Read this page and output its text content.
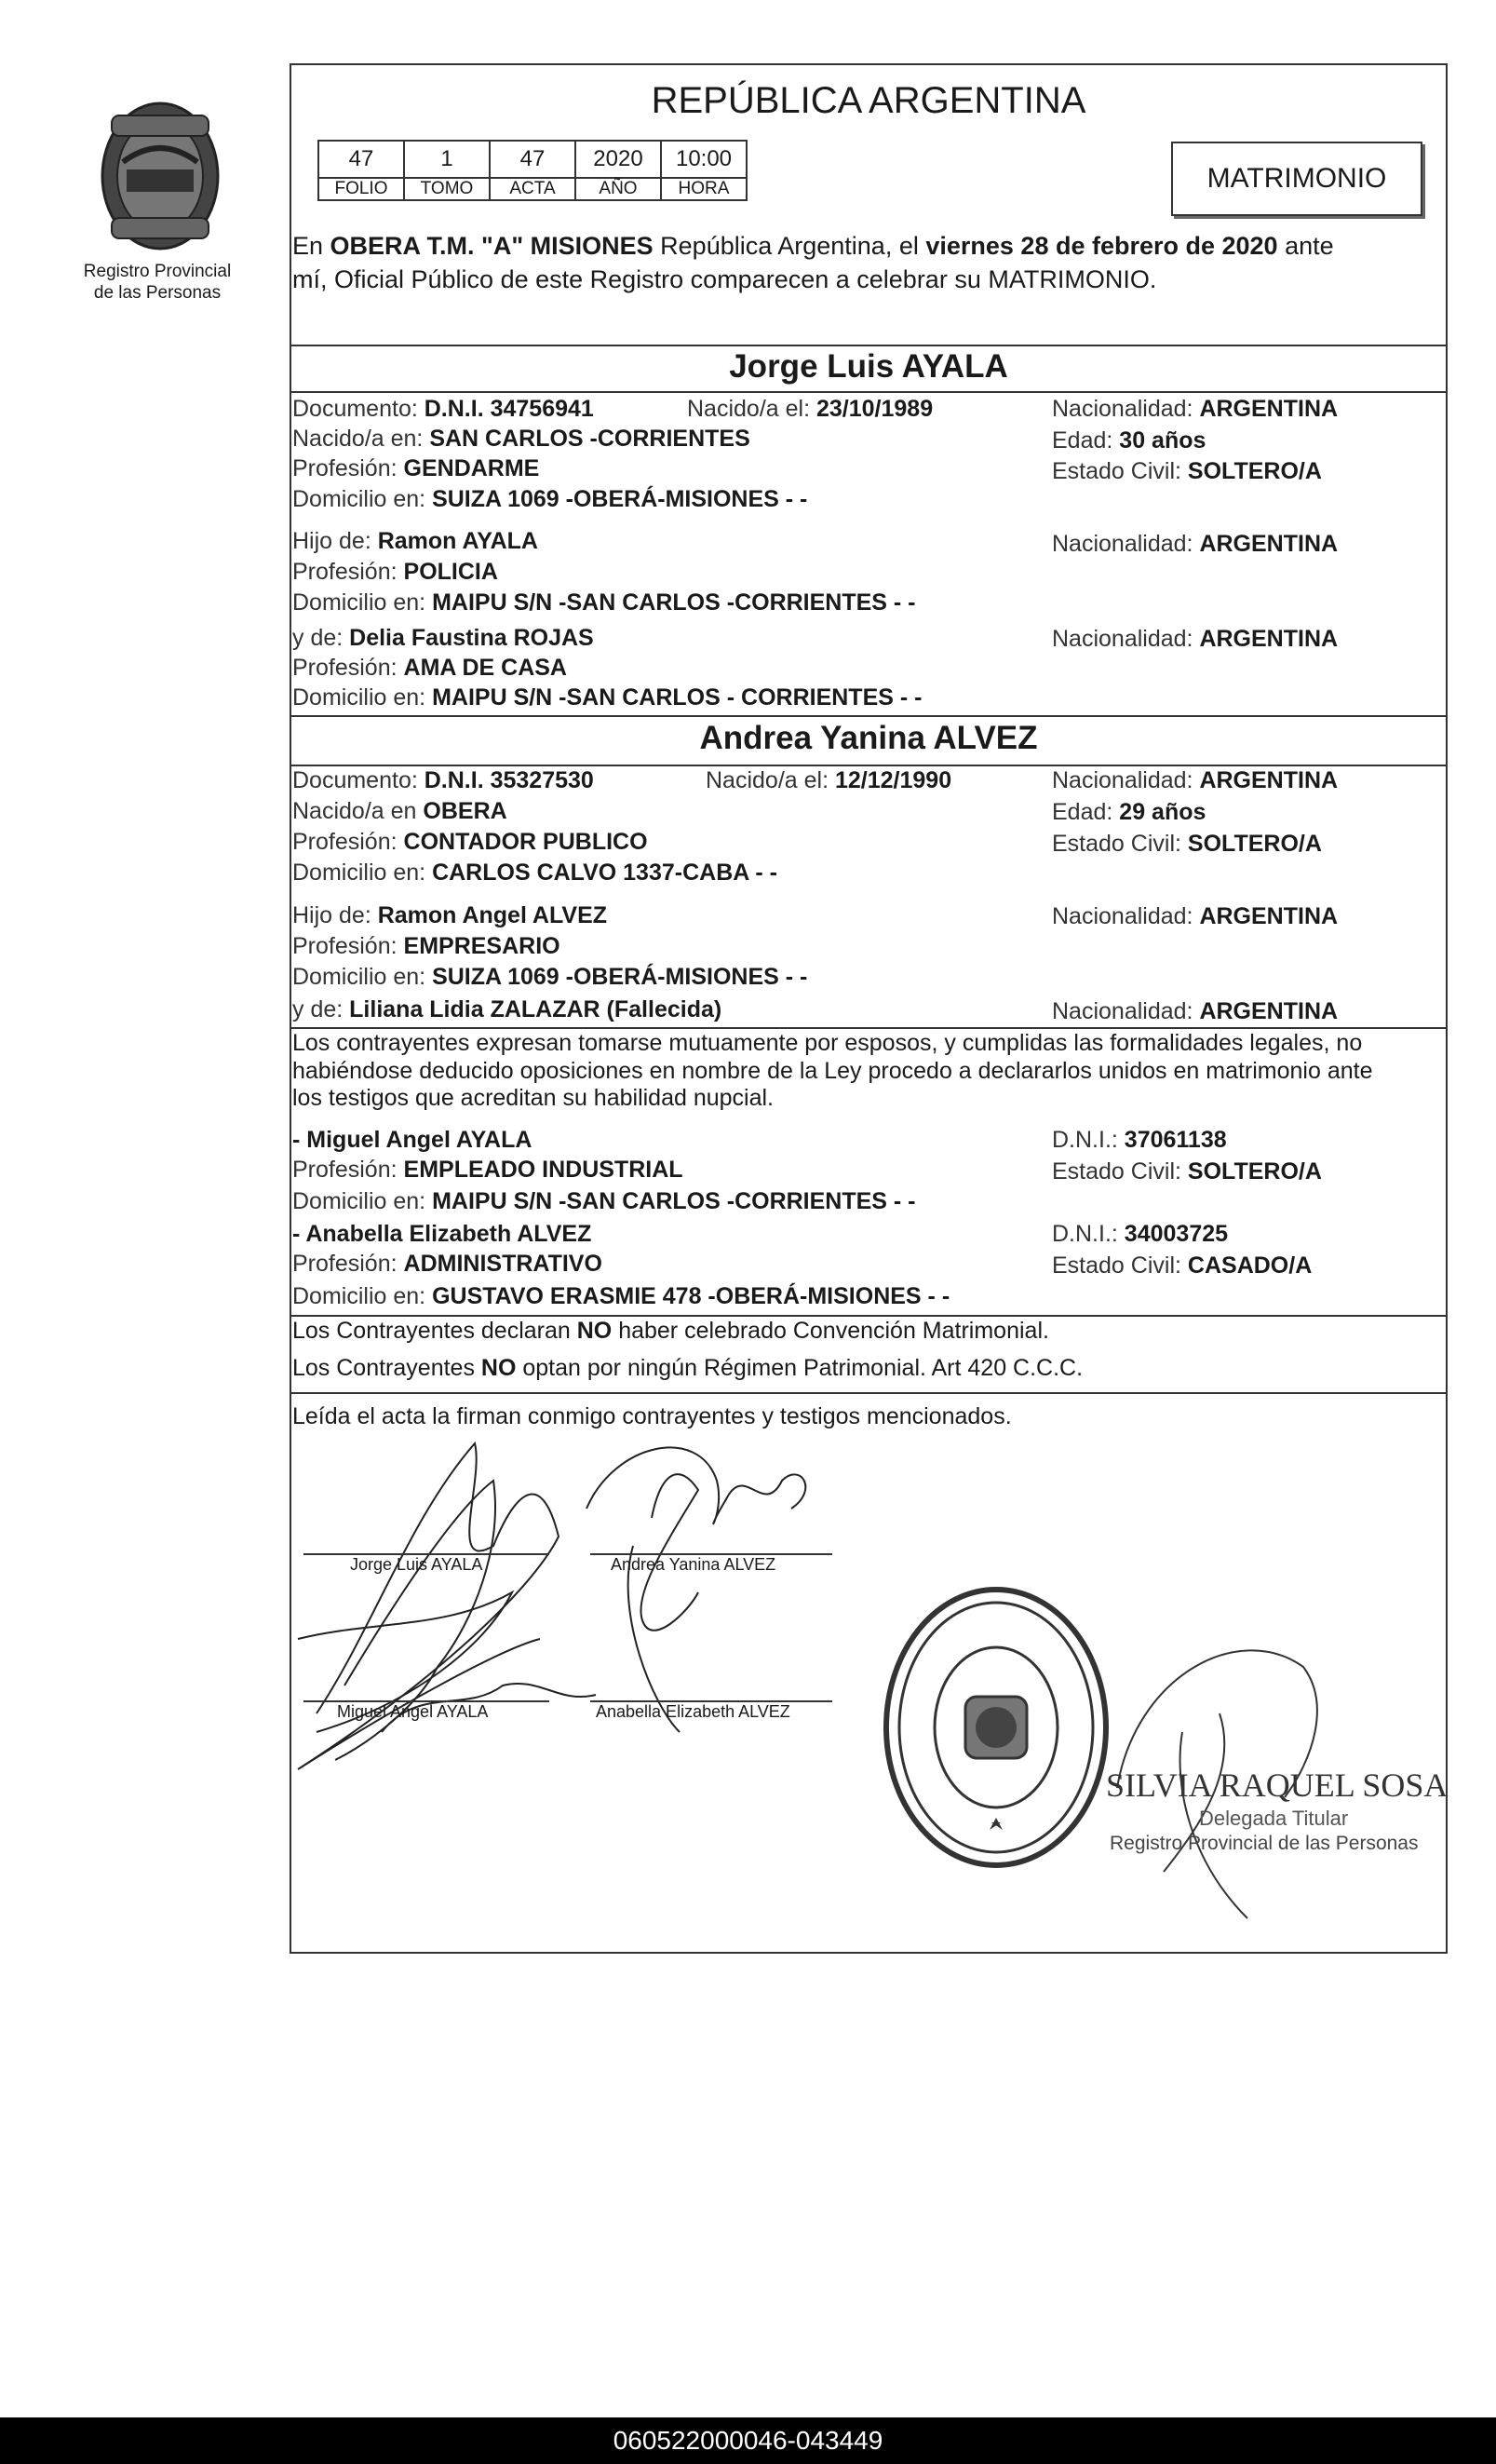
Registro Provincial
de las Personas
REPÚBLICA ARGENTINA
47	1	47	2020	10:00
FOLIO	TOMO	ACTA	AÑO	HORA	MATRIMONIO
En OBERA T.M. "A" MISIONES República Argentina, el viernes 28 de febrero de 2020 ante
mí, Oficial Público de este Registro comparecen a celebrar su MATRIMONIO.
Jorge Luis AYALA
Documento: D.N.I. 34756941	Nacido/a el: 23/10/1989	Nacionalidad: ARGENTINA
Nacido/a en: SAN CARLOS -CORRIENTES	Edad: 30 años
Profesión: GENDARME	Estado Civil: SOLTERO/A
Domicilio en: SUIZA 1069 -OBERÁ-MISIONES - -
Hijo de: Ramon AYALA	Nacionalidad: ARGENTINA
Profesión: POLICIA
Domicilio en: MAIPU S/N -SAN CARLOS -CORRIENTES - -
y de: Delia Faustina ROJAS	Nacionalidad: ARGENTINA
Profesión: AMA DE CASA
Domicilio en: MAIPU S/N -SAN CARLOS - CORRIENTES - -
Andrea Yanina ALVEZ
Documento: D.N.I. 35327530	Nacido/a el: 12/12/1990	Nacionalidad: ARGENTINA
Nacido/a en OBERA	Edad: 29 años
Profesión: CONTADOR PUBLICO	Estado Civil: SOLTERO/A
Domicilio en: CARLOS CALVO 1337-CABA - -
Hijo de: Ramon Angel ALVEZ	Nacionalidad: ARGENTINA
Profesión: EMPRESARIO
Domicilio en: SUIZA 1069 -OBERÁ-MISIONES - -
y de: Liliana Lidia ZALAZAR (Fallecida)	Nacionalidad: ARGENTINA
Los contrayentes expresan tomarse mutuamente por esposos, y cumplidas las formalidades legales, no
habiéndose deducido oposiciones en nombre de la Ley procedo a declararlos unidos en matrimonio ante
los testigos que acreditan su habilidad nupcial.
- Miguel Angel AYALA	D.N.I.: 37061138
Profesión: EMPLEADO INDUSTRIAL	Estado Civil: SOLTERO/A
Domicilio en: MAIPU S/N -SAN CARLOS -CORRIENTES - -
- Anabella Elizabeth ALVEZ	D.N.I.: 34003725
Profesión: ADMINISTRATIVO	Estado Civil: CASADO/A
Domicilio en: GUSTAVO ERASMIE 478 -OBERÁ-MISIONES - -
Los Contrayentes declaran NO haber celebrado Convención Matrimonial.
Los Contrayentes NO optan por ningún Régimen Patrimonial. Art 420 C.C.C.
Leída el acta la firman conmigo contrayentes y testigos mencionados.
Jorge Luis AYALA	Andrea Yanina ALVEZ
Miguel Angel AYALA	Anabella Elizabeth ALVEZ
SILVIA RAQUEL SOSA
Delegada Titular
Registro Provincial de las Personas
060522000046-043449
